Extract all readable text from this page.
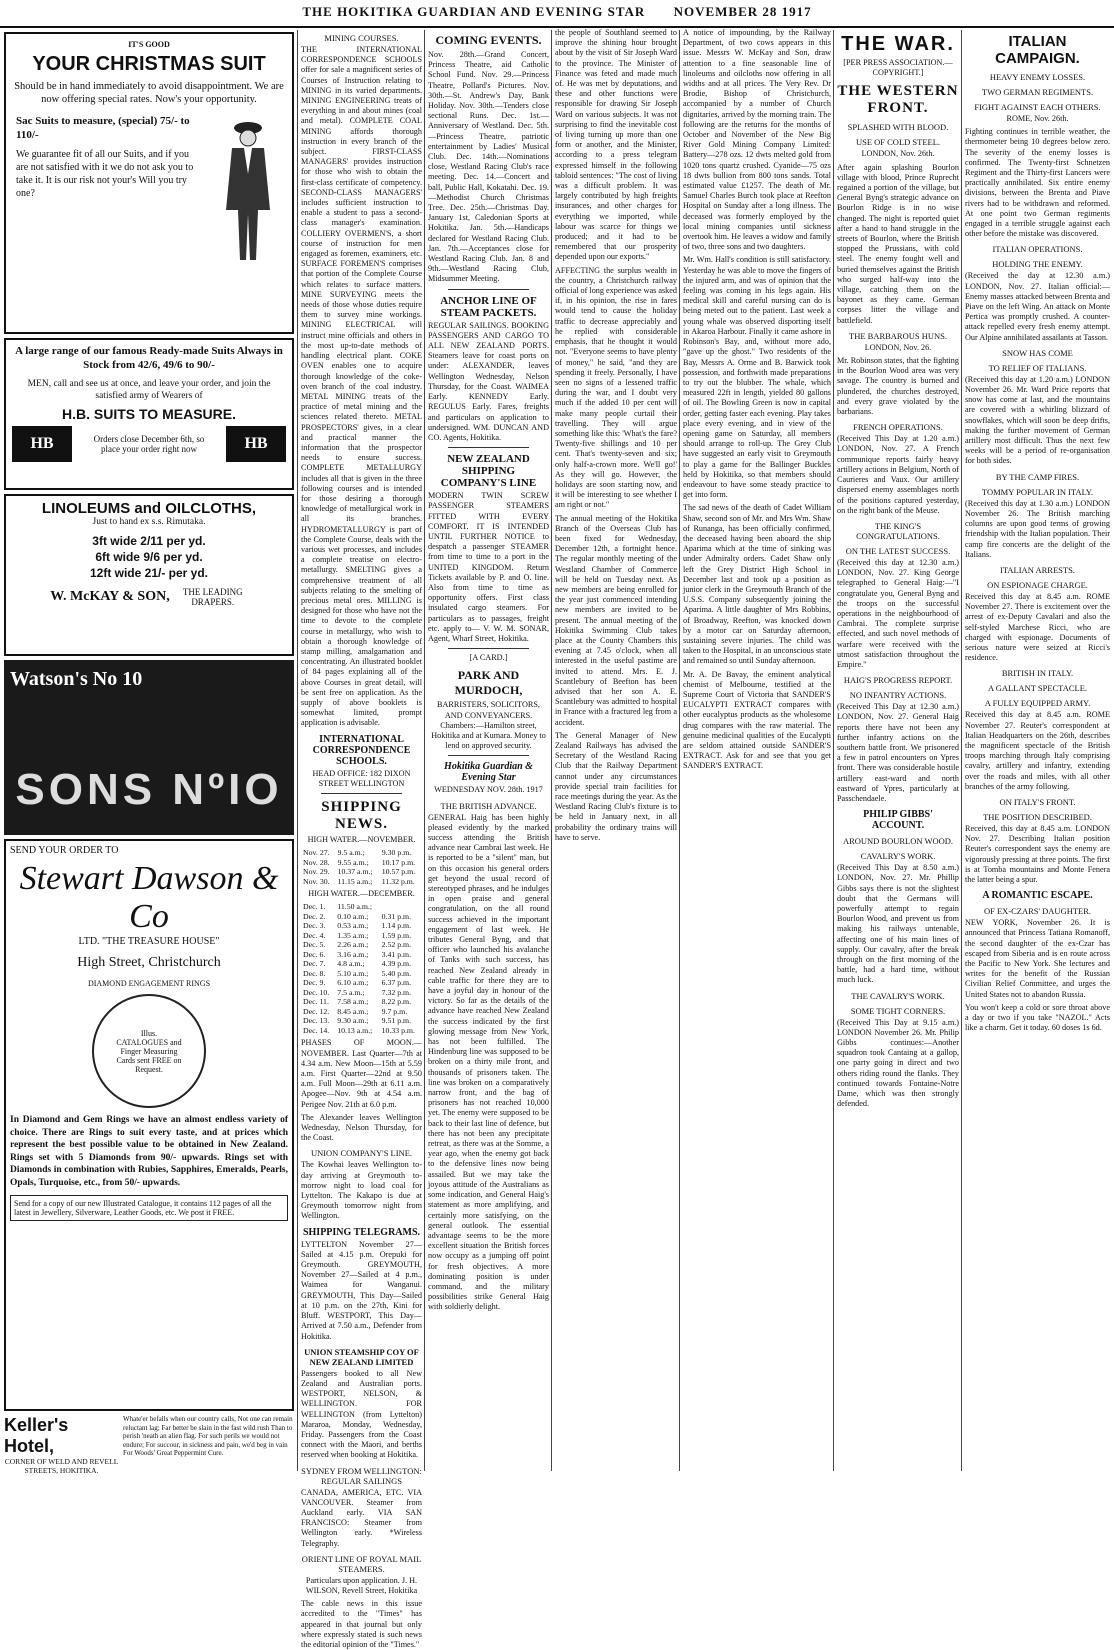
THE HOKITIKA GUARDIAN AND EVENING STAR NOVEMBER 28 1917
IT'S GOOD
YOUR CHRISTMAS SUIT
Should be in hand immediately to avoid disappointment. We are now offering special rates. Now's your opportunity.
Sac Suits to measure, (special) 75/- to 110/-
We guarantee fit of all our Suits, and if you are not satisfied with it we do not ask you to take it. It is our risk not your's Will you try one?
A large range of our famous Ready-made Suits Always in Stock from 42/6, 49/6 to 90/-
MEN, call and see us at once, and leave your order, and join the satisfied army of Wearers of
H.B. SUITS TO MEASURE.
HB	Orders close December 6th, so place your order right now	HB
LINOLEUMS and OILCLOTHS,
Just to hand ex s.s. Rimutaka.
3ft wide 2/11 per yd.
6ft wide 9/6 per yd.
12ft wide 21/- per yd.
W. McKAY & SON,	THE LEADING DRAPERS.
Watson's No 10
SONS NºIO
SEND YOUR ORDER TO
Stewart Dawson & Co
LTD. "THE TREASURE HOUSE"
High Street, Christchurch
DIAMOND ENGAGEMENT RINGS
Illus. CATALOGUES and Finger Measuring Cards sent FREE on Request.
In Diamond and Gem Rings we have an almost endless variety of choice. There are Rings to suit every taste, and at prices which represent the best possible value to be obtained in New Zealand. Rings set with 5 Diamonds from 90/- upwards. Rings set with Diamonds in combination with Rubies, Sapphires, Emeralds, Pearls, Opals, Turquoise, etc., from 50/- upwards.
Send for a copy of our new Illustrated Catalogue, it contains 112 pages of all the latest in Jewellery, Silverware, Leather Goods, etc. We post it FREE.
Keller's Hotel,
CORNER OF WELD AND REVELL STREETS, HOKITIKA.
Whate'er befalls when our country calls, Not one can remain reluctant lag; Far better be slain in the fast wild rush Than to perish 'neath an alien flag. For such perils we would not endure; For succour, in sickness and pain, we'd beg in vain For Woods' Great Peppermint Cure.
MINING COURSES.

THE INTERNATIONAL CORRESPONDENCE SCHOOLS offer for sale a magnificent series of Courses of Instruction relating to MINING in its varied departments. MINING ENGINEERING treats of everything in and about mines (coal and metal). COMPLETE COAL MINING affords thorough instruction in every branch of the subject. FIRST-CLASS MANAGERS' provides instruction for those who wish to obtain the first-class certificate of competency. SECOND-CLASS MANAGERS' includes sufficient instruction to enable a student to pass a second-class manager's examination. COLLIERY OVERMEN'S, a short course of instruction for men engaged as foremen, examiners, etc. SURFACE FOREMEN'S comprises that portion of the Complete Course which relates to surface matters. MINE SURVEYING meets the needs of those whose duties require them to survey mine workings. MINING ELECTRICAL will instruct mine officials and others in the most up-to-date methods of handling electrical plant. COKE OVEN enables one to acquire thorough knowledge of the coke-oven branch of the coal industry. METAL MINING treats of the practice of metal mining and the sciences related thereto. METAL PROSPECTORS' gives, in a clear and practical manner the information that the prospector needs to ensure success. COMPLETE METALLURGY includes all that is given in the three following courses and is intended for those desiring a thorough knowledge of metallurgical work in all its branches. HYDROMETALLURGY is part of the Complete Course, deals with the various wet processes, and includes a complete treatise on electro-metallurgy. SMELTING gives a comprehensive treatment of all subjects relating to the smelting of precious metal ores. MILLING is designed for those who have not the time to devote to the complete course in metallurgy, who wish to obtain a thorough knowledge of stamp milling, amalgamation and concentrating. An illustrated booklet of 84 pages explaining all of the above Courses in great detail, will be sent free on application. As the supply of above booklets is somewhat limited, prompt application is advisable.

INTERNATIONAL CORRESPONDENCE SCHOOLS.
HEAD OFFICE: 182 DIXON STREET WELLINGTON
SHIPPING NEWS.
HIGH WATER.—NOVEMBER.
Nov. 27.	9.5 a.m.;	9.30 p.m.
Nov. 28.	9.55 a.m.;	10.17 p.m.
Nov. 29.	10.37 a.m.;	10.57 p.m.
Nov. 30.	11.15 a.m.;	11.32 p.m.
HIGH WATER.—DECEMBER.
Dec. 1.	11.50 a.m.;	
Dec. 2.	0.10 a.m.;	0.31 p.m.
Dec. 3.	0.53 a.m.;	1.14 p.m.
Dec. 4.	1.35 a.m.;	1.59 p.m.
Dec. 5.	2.26 a.m.;	2.52 p.m.
Dec. 6.	3.16 a.m.;	3.41 p.m.
Dec. 7.	4.8 a.m.;	4.39 p.m.
Dec. 8.	5.10 a.m.;	5.40 p.m.
Dec. 9.	6.10 a.m.;	6.37 p.m.
Dec. 10.	7.5 a.m.;	7.32 p.m.
Dec. 11.	7.58 a.m.;	8.22 p.m.
Dec. 12.	8.45 a.m.;	9.7 p.m.
Dec. 13.	9.30 a.m.;	9.51 p.m.
Dec. 14.	10.13 a.m.;	10.33 p.m.

PHASES OF MOON.—NOVEMBER. Last Quarter—7th at 4.34 a.m. New Moon—15th at 5.59 a.m. First Quarter—22nd at 9.50 a.m. Full Moon—29th at 6.11 a.m. Apogee—Nov. 9th at 4.54 a.m. Perigee Nov. 21th at 6.0 p.m.

The Alexander leaves Wellington Wednesday, Nelson Thursday, for the Coast.

UNION COMPANY'S LINE.

The Kowhai leaves Wellington to-day arriving at Greymouth to-morrow night to load coal for Lyttelton. The Kakapo is due at Greymouth tomorrow night from Wellington.

SHIPPING TELEGRAMS.

LYTTELTON November 27—Sailed at 4.15 p.m. Orepuki for Greymouth. GREYMOUTH, November 27—Sailed at 4 p.m., Waimea for Wanganui. GREYMOUTH, This Day—Sailed at 10 p.m. on the 27th, Kini for Bluff. WESTPORT, This Day—Arrived at 7.50 a.m., Defender from Hokitika.

UNION STEAMSHIP COY OF NEW ZEALAND LIMITED

Passengers booked to all New Zealand and Australian ports. WESTPORT, NELSON, & WELLINGTON. FOR WELLINGTON (from Lyttelton) Mararoa, Monday, Wednesday, Friday. Passengers from the Coast connect with the Maori, and berths reserved when booking at Hokitika.

SYDNEY FROM WELLINGTON: REGULAR SAILINGS

CANADA, AMERICA, ETC. VIA VANCOUVER. Steamer from Auckland early. VIA SAN FRANCISCO: Steamer from Wellington early. *Wireless Telegraphy.

ORIENT LINE OF ROYAL MAIL STEAMERS.

Particulars upon application. J. H. WILSON, Revell Street, Hokitika

The cable news in this issue accredited to the "Times" has appeared in that journal but only where expressly stated is such news the editorial opinion of the "Times."

COMING EVENTS.

Nov. 28th.—Grand Concert, Princess Theatre, aid Catholic School Fund. Nov. 29.—Princess Theatre, Pollard's Pictures. Nov. 30th.—St. Andrew's Day, Bank Holiday. Nov. 30th.—Tenders close sectional Runs. Dec. 1st.—Anniversary of Westland. Dec. 5th.—Princess Theatre, patriotic entertainment by Ladies' Musical Club. Dec. 14th.—Nominations close, Westland Racing Club's race meeting. Dec. 14.—Concert and ball, Public Hall, Kokatahi. Dec. 19.—Methodist Church Christmas Tree. Dec. 25th.—Christmas Day. January 1st, Caledonian Sports at Hokitika. Jan. 5th.—Handicaps declared for Westland Racing Club. Jan. 7th.—Acceptances close for Westland Racing Club. Jan. 8 and 9th.—Westland Racing Club, Midsummer Meeting.

ANCHOR LINE OF STEAM PACKETS.

REGULAR SAILINGS. BOOKING PASSENGERS AND CARGO TO ALL NEW ZEALAND PORTS. Steamers leave for coast ports on under: ALEXANDER, leaves Wellington Wednesday, Nelson Thursday, for the Coast. WAIMEA Early. KENNEDY Early. REGULUS Early. Fares, freights and particulars on application to undersigned. WM. DUNCAN AND CO. Agents, Hokitika.

NEW ZEALAND SHIPPING COMPANY'S LINE

MODERN TWIN SCREW PASSENGER STEAMERS FITTED WITH EVERY COMFORT. IT IS INTENDED UNTIL FURTHER NOTICE to despatch a passenger STEAMER from time to time to a port in the UNITED KINGDOM. Return Tickets available by P. and O. line. Also from time to time as opportunity offers. First class insulated cargo steamers. For particulars as to passages, freight etc. apply to— V. W. M. SONAR, Agent, Wharf Street, Hokitika.

[A CARD.]
PARK AND MURDOCH,

BARRISTERS, SOLICITORS, AND CONVEYANCERS. Chambers:—Hamilton street, Hokitika and at Kumara. Money to lend on approved security.

Hokitika Guardian & Evening Star
WEDNESDAY NOV. 28th. 1917
THE BRITISH ADVANCE.

GENERAL Haig has been highly pleased evidently by the marked success attending the British advance near Cambrai last week. He is reported to be a "silent" man, but on this occasion his general orders get beyond the usual record of stereotyped phrases, and he indulges in open praise and general congratulation, on the all round success achieved in the important engagement of last week. He tributes General Byng, and that officer who launched his avalanche of Tanks with such success, has reached New Zealand already in cable traffic for there they are to have a joyful day in honour of the victory. So far as the details of the advance have reached New Zealand the success indicated by the first glowing message from New York, has not been fulfilled. The Hindenburg line was supposed to be broken on a thirty mile front, and thousands of prisoners taken. The line was broken on a comparatively narrow front, and the bag of prisoners has not reached 10,000 yet. The enemy were supposed to be back to their last line of defence, but there has not been any precipitate retreat, as there was at the Somme, a year ago, when the enemy got back to the defensive lines now being assailed. But we may take the joyous attitude of the Australians as some indication, and General Haig's statement as more amplifying, and certainly more satisfying, on the general outlook. The essential advantage seems to be the more excellent situation the British forces now occupy as a jumping off point for fresh objectives. A more dominating position is under command, and the military possibilities strike General Haig with soldierly delight.

the people of Southland seemed to improve the shining hour brought about by the visit of Sir Joseph Ward to the province. The Minister of Finance was feted and made much of. He was met by deputations, and these and other functions were responsible for drawing Sir Joseph Ward on various subjects. It was not surprising to find the inevitable cost of living turning up more than one form or another, and the Minister, according to a press telegram expressed himself in the following tabloid sentences: "The cost of living was a difficult problem. It was largely contributed by high freights insurances, and other charges for everything we imported, while labour was scarce for things we produced; and it had to be remembered that our prosperity depended upon our exports."

AFFECTING the surplus wealth in the country, a Christchurch railway official of long experience was asked if, in his opinion, the rise in fares would tend to cause the holiday traffic to decrease appreciably and he replied with considerable emphasis, that he thought it would not. "Everyone seems to have plenty of money," he said, "and they are spending it freely. Personally, I have seen no signs of a lessened traffic during the war, and I doubt very much if the added 10 per cent will make many people curtail their travelling. They will argue something like this: 'What's the fare? Twenty-five shillings and 10 per cent. That's twenty-seven and six; only half-a-crown more. We'll go!' As they will go. However, the holidays are soon starting now, and it will be interesting to see whether I am right or not."

The annual meeting of the Hokitika Branch of the Overseas Club has been fixed for Wednesday, December 12th, a fortnight hence. The regular monthly meeting of the Westland Chamber of Commerce will be held on Tuesday next. As new members are being enrolled for the year just commenced intending new members are invited to be present. The annual meeting of the Hokitika Swimming Club takes place at the County Chambers this evening at 7.45 o'clock, when all interested in the useful pastime are invited to attend. Mrs. E. J. Scantlebury of Beefton has been advised that her son A. E. Scantlebury was admitted to hospital in France with a fractured leg from a accident.

The General Manager of New Zealand Railways has advised the Secretary of the Westland Racing Club that the Railway Department cannot under any circumstances provide special train facilities for race meetings during the year. As the Westland Racing Club's fixture is to be held in January next, in all probability the ordinary trains will have to serve.

A notice of impounding, by the Railway Department, of two cows appears in this issue. Messrs W. McKay and Son, draw attention to a fine seasonable line of linoleums and oilcloths now offering in all widths and at all prices. The Very Rev. Dr Brodie, Bishop of Christchurch, accompanied by a number of Church dignitaries, arrived by the morning train. The following are the returns for the months of October and November of the New Big River Gold Mining Company Limited: Battery—278 ozs. 12 dwts melted gold from 1020 tons quartz crushed. Cyanide—75 ozs 18 dwts bullion from 800 tons sands. Total estimated value £1257. The death of Mr. Samuel Charles Burch took place at Reefton Hospital on Sunday after a long illness. The deceased was formerly employed by the local mining companies until sickness overtook him. He leaves a widow and family of two, three sons and two daughters.

Mr. Wm. Hall's condition is still satisfactory. Yesterday he was able to move the fingers of the injured arm, and was of opinion that the feeling was coming in his legs again. His medical skill and careful nursing can do is being meted out to the patient. Last week a young whale was observed disporting itself in Akaroa Harbour. Finally it came ashore in Robinson's Bay, and, without more ado, "gave up the ghost." Two residents of the Bay, Messrs A. Orme and B. Barwick took possession, and forthwith made preparations to try out the blubber. The whale, which measured 22ft in length, yielded 80 gallons of oil. The Bowling Green is now in capital order, getting faster each evening. Play takes place every evening, and in view of the opening game on Saturday, all members should arrange to roll-up. The Grey Club have suggested an early visit to Greymouth to play a game for the Ballinger Buckles held by Hokitika, so that members should endeavour to have some steady practice to get into form.

The sad news of the death of Cadet William Shaw, second son of Mr. and Mrs Wm. Shaw of Runanga, has been officially confirmed, the deceased having been aboard the ship Aparima which at the time of sinking was under Admiralty orders. Cadet Shaw only left the Grey District High School in December last and took up a position as junior clerk in the Greymouth Branch of the U.S.S. Company subsequently joining the Aparima. A little daughter of Mrs Robbins, of Broadway, Reefton, was knocked down by a motor car on Saturday afternoon, sustaining severe injuries. The child was taken to the Hospital, in an unconscious state and remained so until Sunday afternoon.

Mr. A. De Bavay, the eminent analytical chemist of Melbourne, testified at the Supreme Court of Victoria that SANDER'S EUCALYPTI EXTRACT compares with other eucalyptus products as the wholesome drug compares with the raw material. The genuine medicinal qualities of the Eucalypti are seldom attained outside SANDER'S EXTRACT. Ask for and see that you get SANDER'S EXTRACT.

THE WAR.
[PER PRESS ASSOCIATION.—COPYRIGHT.]
THE WESTERN FRONT.
SPLASHED WITH BLOOD.
USE OF COLD STEEL.
LONDON, Nov. 26th.

After again splashing Bourlon village with blood, Prince Ruprecht regained a portion of the village, but General Byng's strategic advance on Bourlon Ridge is in no wise changed. The night is reported quiet after a hand to hand struggle in the streets of Bourlon, where the British stopped the Prussians, with cold steel. The enemy fought well and buried themselves against the British who surged half-way into the village, catching them on the bayonet as they came. German corpses litter the village and battlefield.

THE BARBAROUS HUNS.
LONDON, Nov. 26.

Mr. Robinson states, that the fighting in the Bourlon Wood area was very savage. The country is burned and plundered, the churches destroyed, and every grave violated by the barbarians.

FRENCH OPERATIONS.

(Received This Day at 1.20 a.m.) LONDON, Nov. 27. A French communique reports fairly heavy artillery actions in Belgium, North of Caurieres and Vaux. Our artillery dispersed enemy assemblages north of the positions captured yesterday, on the right bank of the Meuse.

THE KING'S CONGRATULATIONS.
ON THE LATEST SUCCESS.

(Received this day at 12.30 a.m.) LONDON, Nov. 27. King George telegraphed to General Haig:—"I congratulate you, General Byng and the troops on the successful operations in the neighbourhood of Cambrai. The complete surprise effected, and such novel methods of warfare were received with the utmost satisfaction throughout the Empire."

HAIG'S PROGRESS REPORT.
NO INFANTRY ACTIONS.

(Received This Day at 12.30 a.m.) LONDON, Nov. 27. General Haig reports there have not been any further infantry actions on the southern battle front. We prisonered a few in patrol encounters on Ypres front. There was considerable hostile artillery east-ward and north eastward of Ypres, particularly at Passchendaele.

PHILIP GIBBS' ACCOUNT.
AROUND BOURLON WOOD.
CAVALRY'S WORK.

(Received This Day at 8.50 a.m.) LONDON, Nov. 27. Mr. Phillip Gibbs says there is not the slightest doubt that the Germans will powerfully attempt to regain Bourlon Wood, and prevent us from making his railways untenable, affecting one of his main lines of supply. Our cavalry, after the break through on the first morning of the battle, had a hard time, without much luck.

THE CAVALRY'S WORK.
SOME TIGHT CORNERS.

(Received This Day at 9.15 a.m.) LONDON November 26. Mr. Philip Gibbs continues:—Another squadron took Cantaing at a gallop, one party going in direct and two others riding round the flanks. They continued towards Fontaine-Notre Dame, which was then strongly defended.

ITALIAN CAMPAIGN.
HEAVY ENEMY LOSSES.
TWO GERMAN REGIMENTS.
FIGHT AGAINST EACH OTHERS.
ROME, Nov. 26th.

Fighting continues in terrible weather, the thermometer being 10 degrees below zero. The severity of the enemy losses is confirmed. The Twenty-first Schnetzen Regiment and the Thirty-first Lancers were practically annihilated. Six entire enemy divisions, between the Brenta and Piave rivers had to be withdrawn and reformed. At one point two German regiments engaged in a terrible struggle against each other before the mistake was discovered.

ITALIAN OPERATIONS.
HOLDING THE ENEMY.

(Received the day at 12.30 a.m.) LONDON, Nov. 27. Italian official:—Enemy masses attacked between Brenta and Piave on the left Wing. An attack on Monte Pertica was promptly crushed. A counter-attack repelled every fresh enemy attempt. Our Alpine annihilated assailants at Tasson.

SNOW HAS COME
TO RELIEF OF ITALIANS.

(Received this day at 1.20 a.m.) LONDON November 26. Mr. Ward Price reports that snow has come at last, and the mountains are covered with a whirling blizzard of snowflakes, which will soon be deep drifts, making the further movement of German artillery most difficult. Thus the next few weeks will be a period of re-organisation for both sides.

BY THE CAMP FIRES.
TOMMY POPULAR IN ITALY.

(Received this day at 1.30 a.m.) LONDON November 26. The British marching columns are upon good terms of growing friendship with the Italian population. Their camp fire concerts are the delight of the Italians.

ITALIAN ARRESTS.
ON ESPIONAGE CHARGE.

Received this day at 8.45 a.m. ROME November 27. There is excitement over the arrest of ex-Deputy Cavalari and also the self-styled Marchese Ricci, who are charged with espionage. Documents of serious nature were seized at Ricci's residence.

BRITISH IN ITALY.
A GALLANT SPECTACLE.
A FULLY EQUIPPED ARMY.

Received this day at 8.45 a.m. ROME November 27. Reuter's correspondent at Italian Headquarters on the 26th, describes the magnificent spectacle of the British troops marching through Italy comprising cavalry, artillery and infantry, extending over the roads and miles, with all other branches of the army following.

ON ITALY'S FRONT.
THE POSITION DESCRIBED.

Received, this day at 8.45 a.m. LONDON Nov. 27. Describing Italian position Reuter's correspondent says the enemy are vigorously pressing at three points. The first is at Tomba mountains and Monte Fenera the latter being a spur.

A ROMANTIC ESCAPE.
OF EX-CZARS' DAUGHTER.

NEW YORK, November 26. It is announced that Princess Tatiana Romanoff, the second daughter of the ex-Czar has escaped from Siberia and is en route across the Pacific to New York. She lectures and writes for the benefit of the Russian Civilian Relief Committee, and urges the United States not to abandon Russia.

You won't keep a cold or sore throat above a day or two if you take "NAZOL." Acts like a charm. Get it today. 60 doses 1s 6d.
